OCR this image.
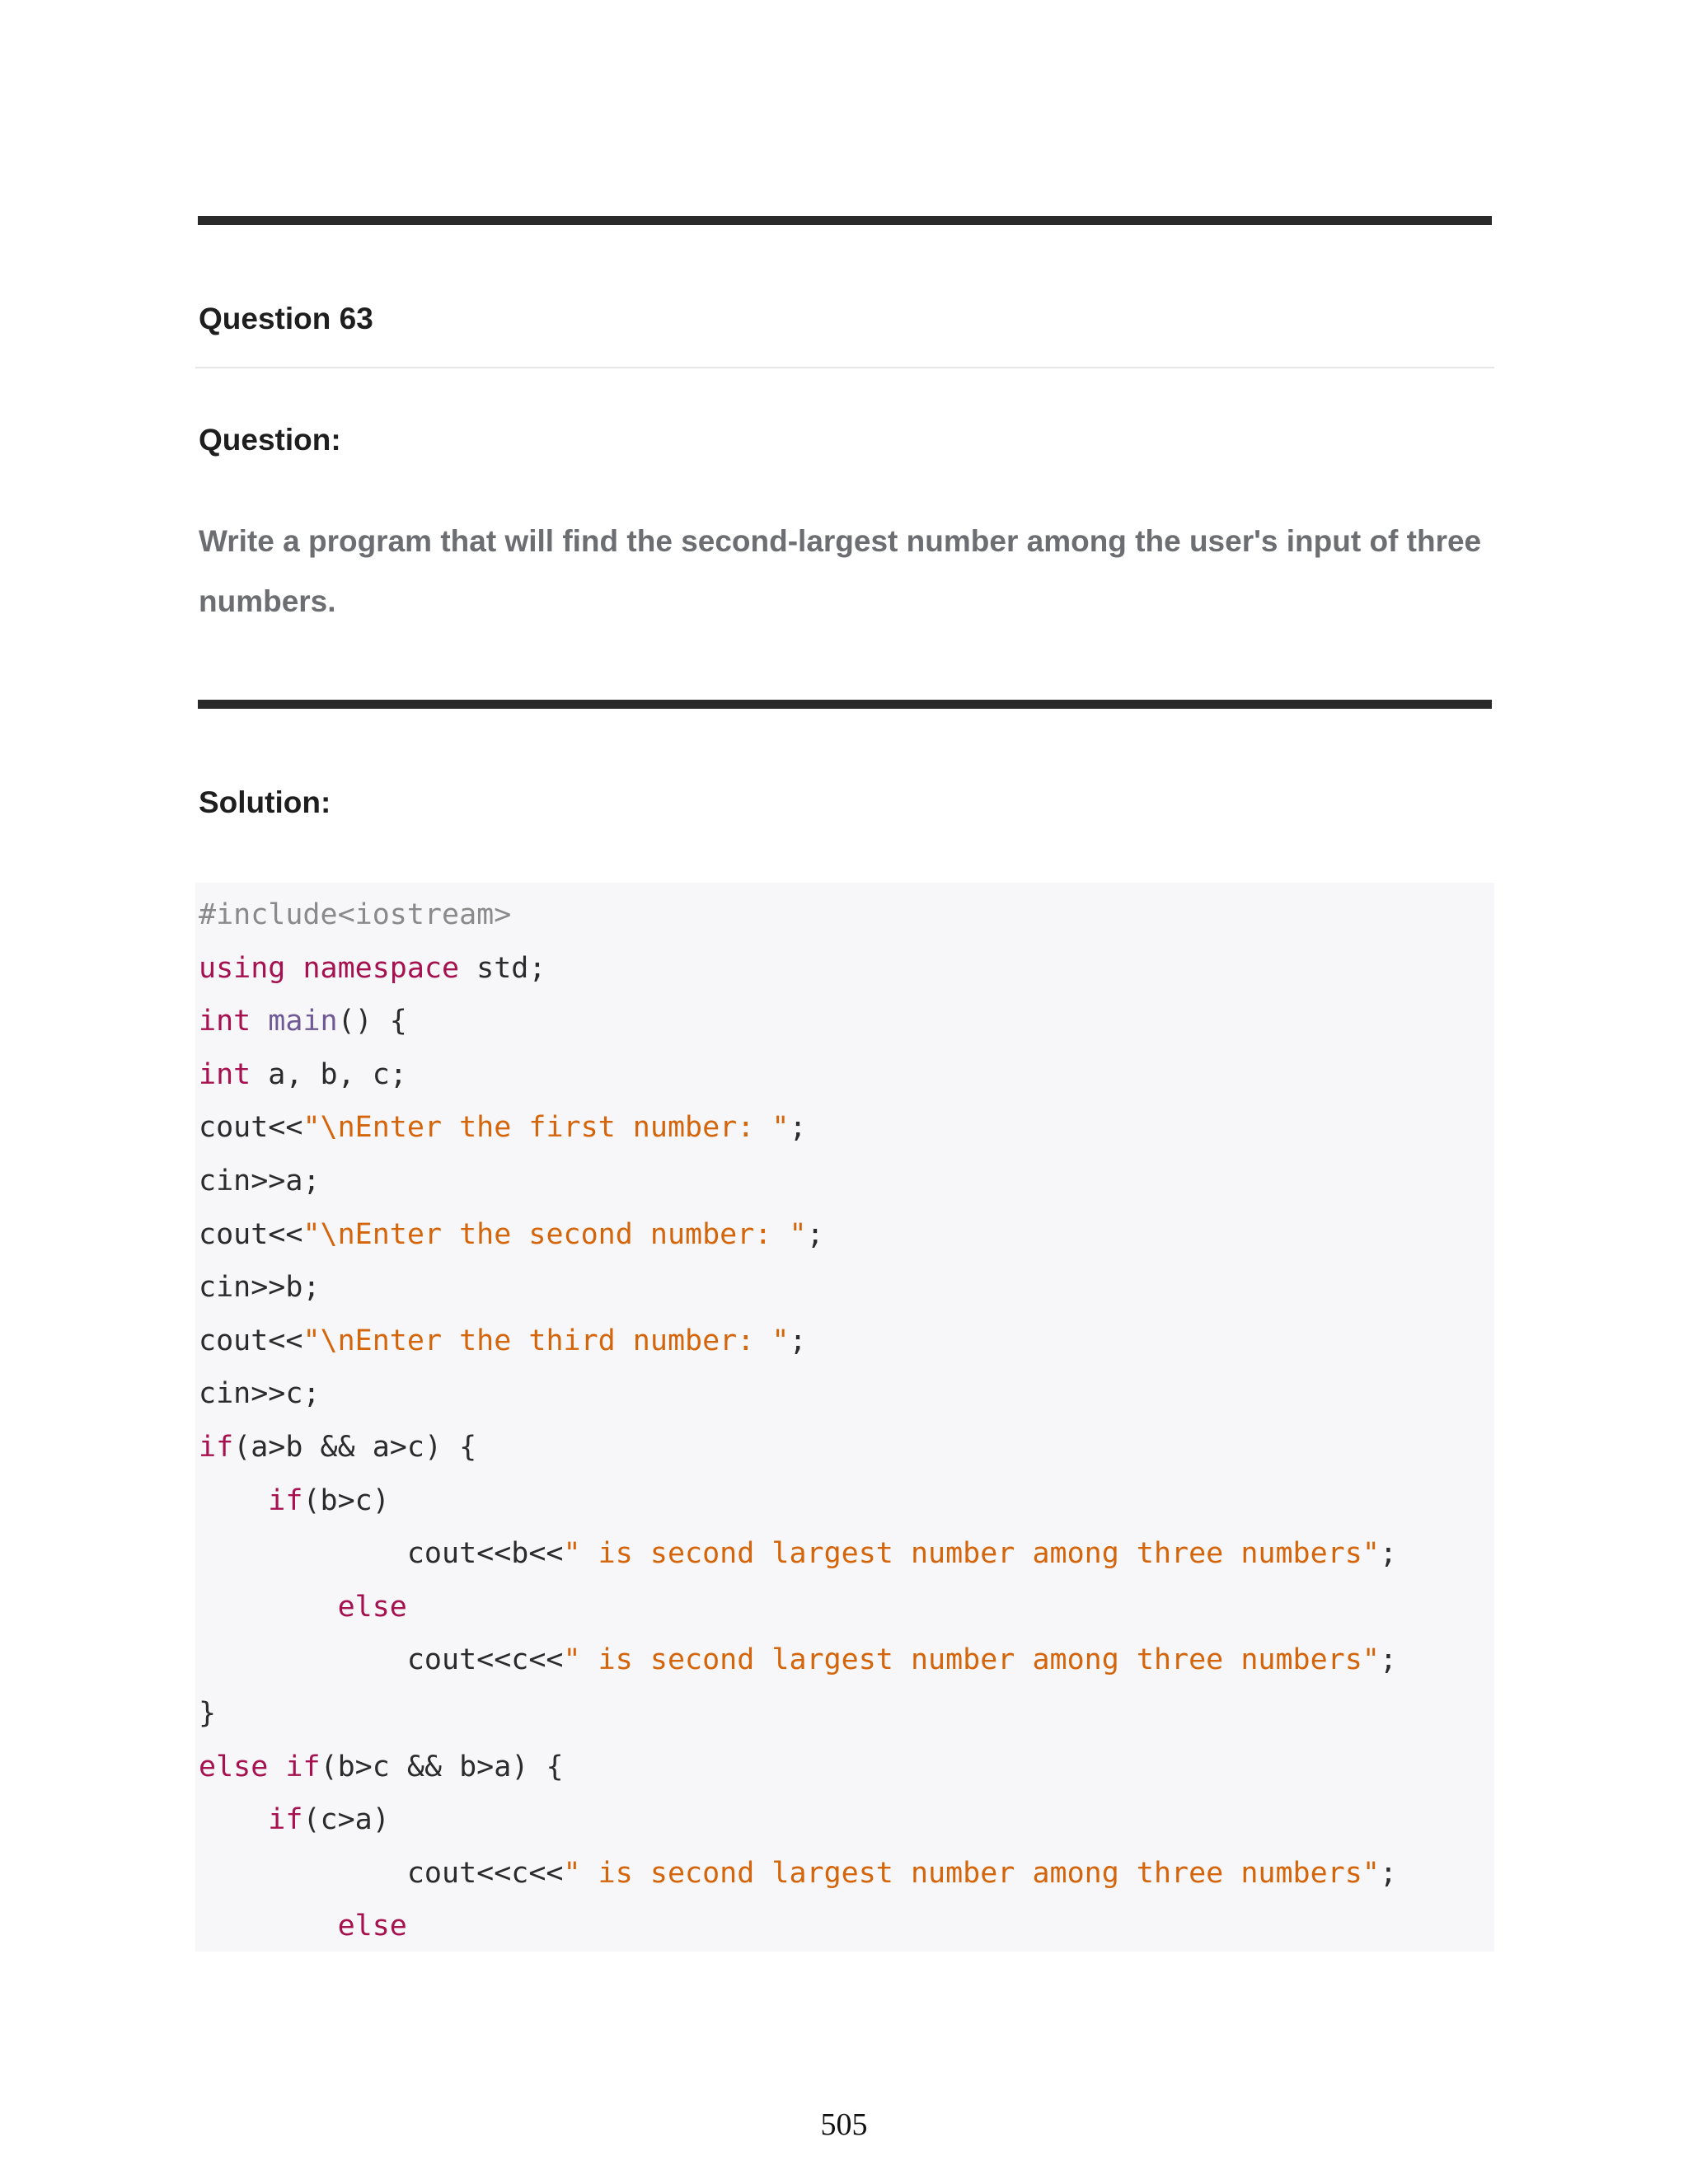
Question 63
Question:

Write a program that will find the second-largest number among the user's input of three numbers.

Solution:
#include<iostream>
using namespace std;
int main() {
int a, b, c;
cout<<"\nEnter the first number: ";
cin>>a;
cout<<"\nEnter the second number: ";
cin>>b;
cout<<"\nEnter the third number: ";
cin>>c;
if(a>b && a>c) {
if(b>c)
cout<<b<<" is second largest number among three numbers";
else
cout<<c<<" is second largest number among three numbers";
}
else if(b>c && b>a) {
if(c>a)
cout<<c<<" is second largest number among three numbers";
else
505
